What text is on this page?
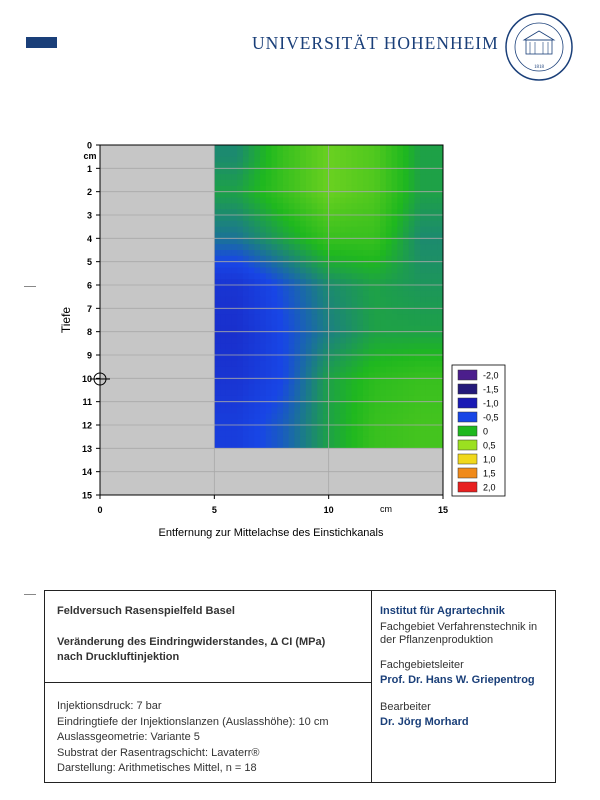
UNIVERSITÄT HOHENHEIM
1818
0
1
2
3
4
5
6
7
8
9
10
11
12
13
14
15
0	5	10	15
cm
cm
Tiefe
Entfernung zur Mittelachse des Einstichkanals
-2,0
-1,5
-1,0
-0,5
0
0,5
1,0
1,5
2,0
Feldversuch Rasenspielfeld Basel
Veränderung des Eindringwiderstandes, Δ CI (MPa)
nach Druckluftinjektion
Injektionsdruck: 7 bar
Eindringtiefe der Injektionslanzen (Auslasshöhe): 10 cm
Auslassgeometrie: Variante 5
Substrat der Rasentragschicht: Lavaterr®
Darstellung: Arithmetisches Mittel, n = 18
Institut für Agrartechnik
Fachgebiet Verfahrenstechnik in
der Pflanzenproduktion
Fachgebietsleiter
Prof. Dr. Hans W. Griepentrog
Bearbeiter
Dr. Jörg Morhard
